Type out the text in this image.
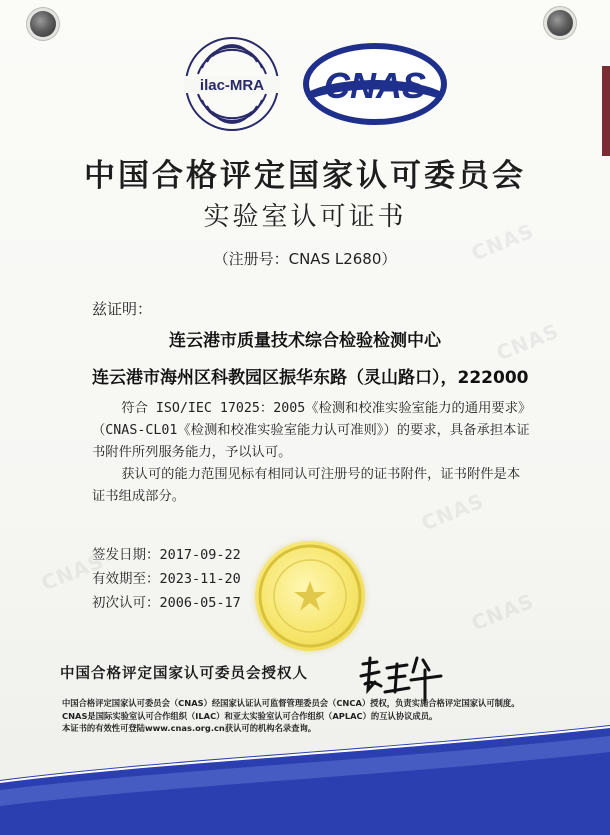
CNAS
CNAS
CNAS
CNAS
CNAS
ilac-MRA CNAS
中国合格评定国家认可委员会
实验室认可证书
（注册号：CNAS L2680）
兹证明：
连云港市质量技术综合检验检测中心
连云港市海州区科教园区振华东路（灵山路口），222000

符合 ISO/IEC 17025：2005《检测和校准实验室能力的通用要求》（CNAS-CL01《检测和校准实验室能力认可准则》）的要求，具备承担本证书附件所列服务能力，予以认可。

获认可的能力范围见标有相同认可注册号的证书附件，证书附件是本证书组成部分。

签发日期：2017-09-22
有效期至：2023-11-20
初次认可：2006-05-17
中国合格评定国家认可委员会授权人
中国合格评定国家认可委员会（CNAS）经国家认证认可监督管理委员会（CNCA）授权，负责实施合格评定国家认可制度。
CNAS是国际实验室认可合作组织（ILAC）和亚太实验室认可合作组织（APLAC）的互认协议成员。
本证书的有效性可登陆www.cnas.org.cn获认可的机构名录查询。
